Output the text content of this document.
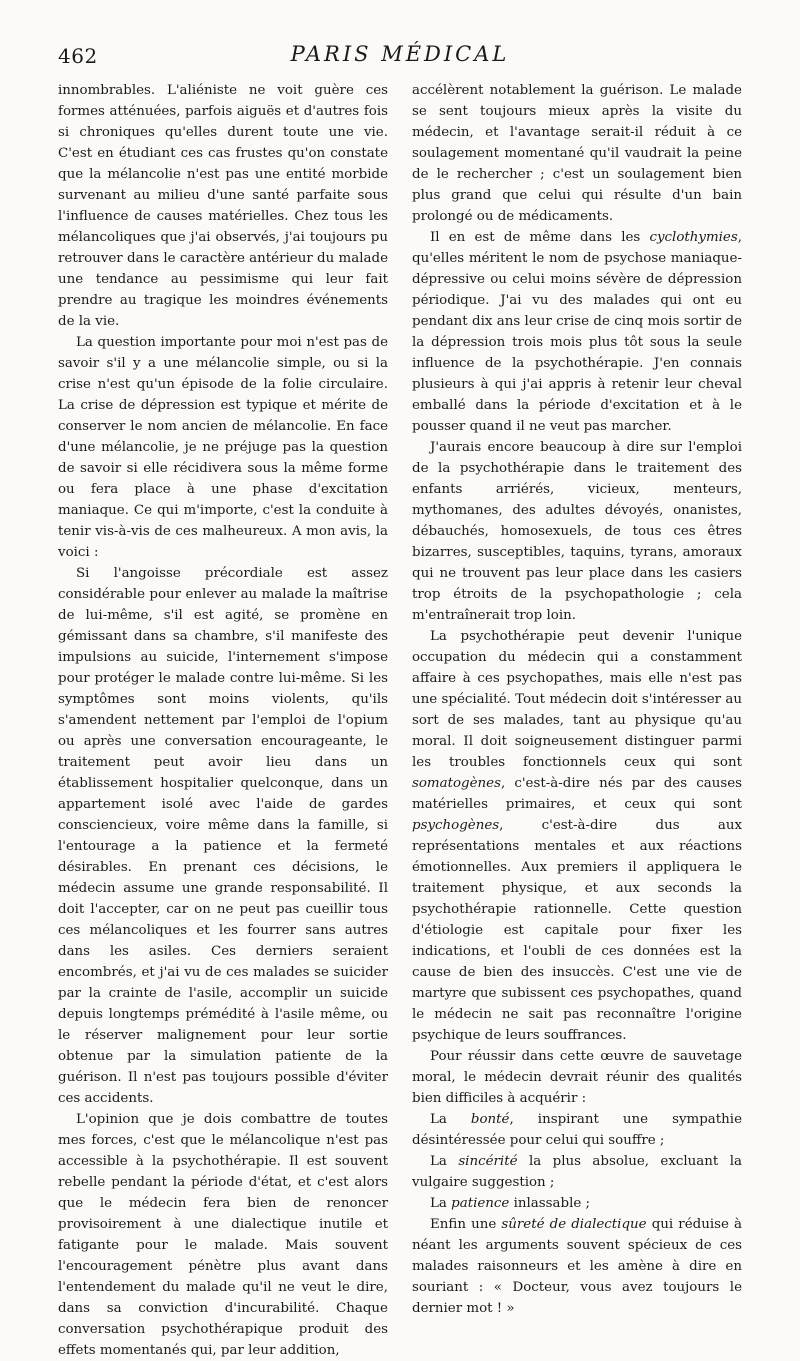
462	PARIS MÉDICAL

innombrables. L'aliéniste ne voit guère ces formes atténuées, parfois aiguës et d'autres fois si chroniques qu'elles durent toute une vie. C'est en étudiant ces cas frustes qu'on constate que la mélancolie n'est pas une entité morbide survenant au milieu d'une santé parfaite sous l'influence de causes matérielles. Chez tous les mélancoliques que j'ai observés, j'ai toujours pu retrouver dans le caractère antérieur du malade une tendance au pessimisme qui leur fait prendre au tragique les moindres événements de la vie.

La question importante pour moi n'est pas de savoir s'il y a une mélancolie simple, ou si la crise n'est qu'un épisode de la folie circulaire. La crise de dépression est typique et mérite de conserver le nom ancien de mélancolie. En face d'une mélancolie, je ne préjuge pas la question de savoir si elle récidivera sous la même forme ou fera place à une phase d'excitation maniaque. Ce qui m'importe, c'est la conduite à tenir vis-à-vis de ces malheureux. A mon avis, la voici :

Si l'angoisse précordiale est assez considérable pour enlever au malade la maîtrise de lui-même, s'il est agité, se promène en gémissant dans sa chambre, s'il manifeste des impulsions au suicide, l'internement s'impose pour protéger le malade contre lui-même. Si les symptômes sont moins violents, qu'ils s'amendent nettement par l'emploi de l'opium ou après une conversation encourageante, le traitement peut avoir lieu dans un établissement hospitalier quelconque, dans un appartement isolé avec l'aide de gardes consciencieux, voire même dans la famille, si l'entourage a la patience et la fermeté désirables. En prenant ces décisions, le médecin assume une grande responsabilité. Il doit l'accepter, car on ne peut pas cueillir tous ces mélancoliques et les fourrer sans autres dans les asiles. Ces derniers seraient encombrés, et j'ai vu de ces malades se suicider par la crainte de l'asile, accomplir un suicide depuis longtemps prémédité à l'asile même, ou le réserver malignement pour leur sortie obtenue par la simulation patiente de la guérison. Il n'est pas toujours possible d'éviter ces accidents.

L'opinion que je dois combattre de toutes mes forces, c'est que le mélancolique n'est pas accessible à la psychothérapie. Il est souvent rebelle pendant la période d'état, et c'est alors que le médecin fera bien de renoncer provisoirement à une dialectique inutile et fatigante pour le malade. Mais souvent l'encouragement pénètre plus avant dans l'entendement du malade qu'il ne veut le dire, dans sa conviction d'incurabilité. Chaque conversation psychothérapique produit des effets momentanés qui, par leur addition,

accélèrent notablement la guérison. Le malade se sent toujours mieux après la visite du médecin, et l'avantage serait-il réduit à ce soulagement momentané qu'il vaudrait la peine de le rechercher ; c'est un soulagement bien plus grand que celui qui résulte d'un bain prolongé ou de médicaments.

Il en est de même dans les cyclothymies, qu'elles méritent le nom de psychose maniaque-dépressive ou celui moins sévère de dépression périodique. J'ai vu des malades qui ont eu pendant dix ans leur crise de cinq mois sortir de la dépression trois mois plus tôt sous la seule influence de la psychothérapie. J'en connais plusieurs à qui j'ai appris à retenir leur cheval emballé dans la période d'excitation et à le pousser quand il ne veut pas marcher.

J'aurais encore beaucoup à dire sur l'emploi de la psychothérapie dans le traitement des enfants arriérés, vicieux, menteurs, mythomanes, des adultes dévoyés, onanistes, débauchés, homosexuels, de tous ces êtres bizarres, susceptibles, taquins, tyrans, amoraux qui ne trouvent pas leur place dans les casiers trop étroits de la psychopathologie ; cela m'entraînerait trop loin.

La psychothérapie peut devenir l'unique occupation du médecin qui a constamment affaire à ces psychopathes, mais elle n'est pas une spécialité. Tout médecin doit s'intéresser au sort de ses malades, tant au physique qu'au moral. Il doit soigneusement distinguer parmi les troubles fonctionnels ceux qui sont somatogènes, c'est-à-dire nés par des causes matérielles primaires, et ceux qui sont psychogènes, c'est-à-dire dus aux représentations mentales et aux réactions émotionnelles. Aux premiers il appliquera le traitement physique, et aux seconds la psychothérapie rationnelle. Cette question d'étiologie est capitale pour fixer les indications, et l'oubli de ces données est la cause de bien des insuccès. C'est une vie de martyre que subissent ces psychopathes, quand le médecin ne sait pas reconnaître l'origine psychique de leurs souffrances.

Pour réussir dans cette œuvre de sauvetage moral, le médecin devrait réunir des qualités bien difficiles à acquérir :

La bonté, inspirant une sympathie désintéressée pour celui qui souffre ;

La sincérité la plus absolue, excluant la vulgaire suggestion ;

La patience inlassable ;

Enfin une sûreté de dialectique qui réduise à néant les arguments souvent spécieux de ces malades raisonneurs et les amène à dire en souriant : « Docteur, vous avez toujours le dernier mot ! »
